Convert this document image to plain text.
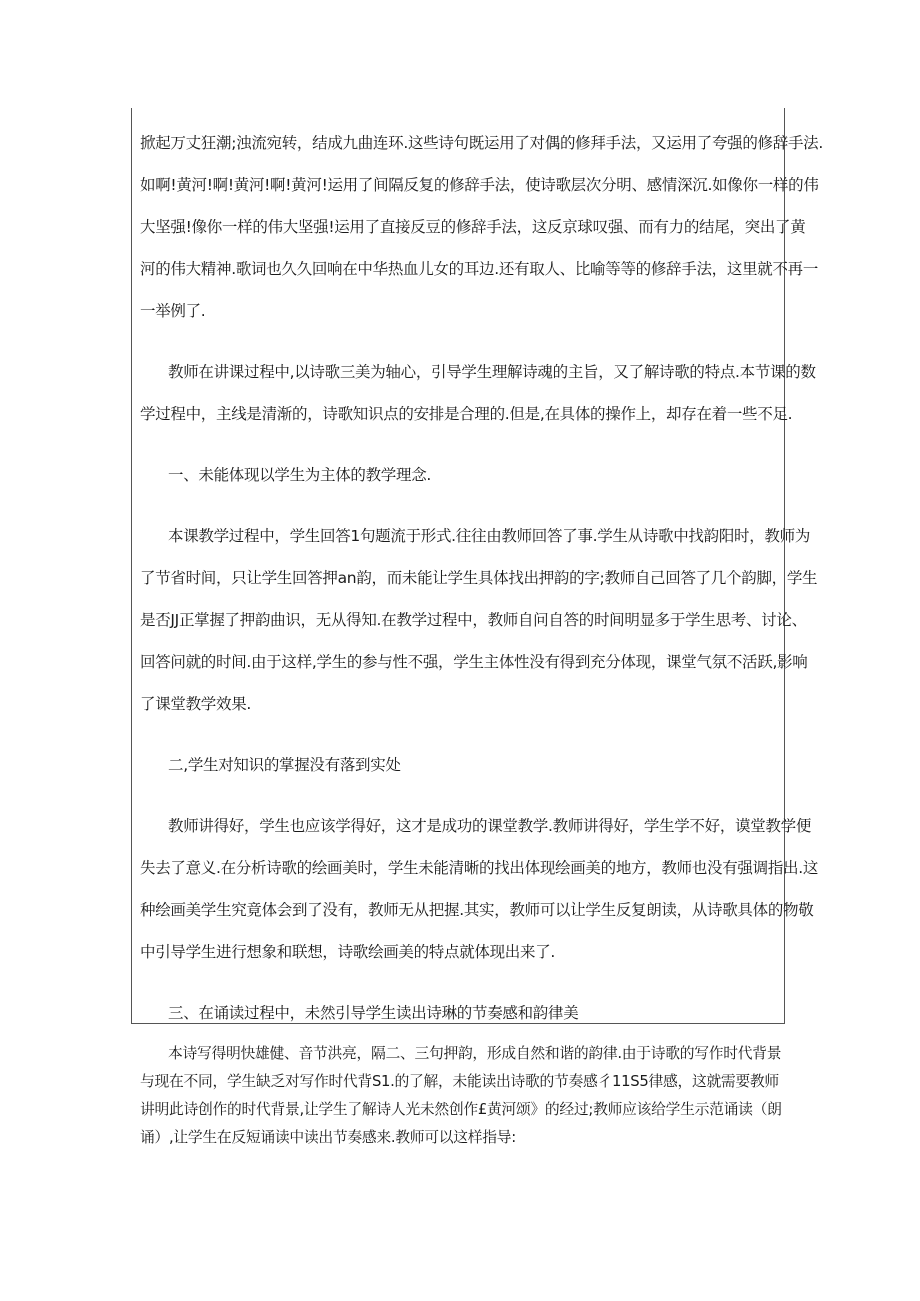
掀起万丈狂潮;浊流宛转，结成九曲连环.这些诗句既运用了对偶的修拜手法，又运用了夸强的修辞手法.
如啊!黄河!啊!黄河!啊!黄河!运用了间隔反复的修辞手法，使诗歌层次分明、感情深沉.如像你一样的伟
大坚强!像你一样的伟大坚强!运用了直接反豆的修辞手法，这反京球叹强、而有力的结尾，突出了黄
河的伟大精神.歌词也久久回响在中华热血儿女的耳边.还有取人、比喻等等的修辞手法，这里就不再一
一举例了.
教师在讲课过程中,以诗歌三美为轴心，引导学生理解诗魂的主旨，又了解诗歌的特点.本节课的数
学过程中，主线是清渐的，诗歌知识点的安排是合理的.但是,在具体的操作上，却存在着一些不足.
一、未能体现以学生为主体的教学理念.
本课教学过程中，学生回答1句题流于形式.往往由教师回答了事.学生从诗歌中找韵阳时，教师为
了节省时间，只让学生回答押an韵，而未能让学生具体找出押韵的字;教师自己回答了几个韵脚，学生
是否JJ正掌握了押韵曲识，无从得知.在教学过程中，教师自问自答的时间明显多于学生思考、讨论、
回答问就的时间.由于这样,学生的参与性不强，学生主体性没有得到充分体现，课堂气氛不活跃,影响
了课堂教学效果.
二,学生对知识的掌握没有落到实处
教师讲得好，学生也应该学得好，这才是成功的课堂教学.教师讲得好，学生学不好，谟堂教学便
失去了意义.在分析诗歌的绘画美时，学生未能清晰的找出体现绘画美的地方，教师也没有强调指出.这
种绘画美学生究竟体会到了没有，教师无从把握.其实，教师可以让学生反复朗读，从诗歌具体的物敬
中引导学生进行想象和联想，诗歌绘画美的特点就体现出来了.
三、在诵读过程中，未然引导学生读出诗琳的节奏感和韵律美
本诗写得明快雄健、音节洪亮，隔二、三句押韵，形成自然和谐的韵律.由于诗歌的写作时代背景
与现在不同，学生缺乏对写作时代背S1.的了解，未能读出诗歌的节奏感彳11S5律感，这就需要教师
讲明此诗创作的时代背景,让学生了解诗人光未然创作£黄河颂》的经过;教师应该给学生示范诵读（朗
诵）,让学生在反短诵读中读出节奏感来.教师可以这样指导:
